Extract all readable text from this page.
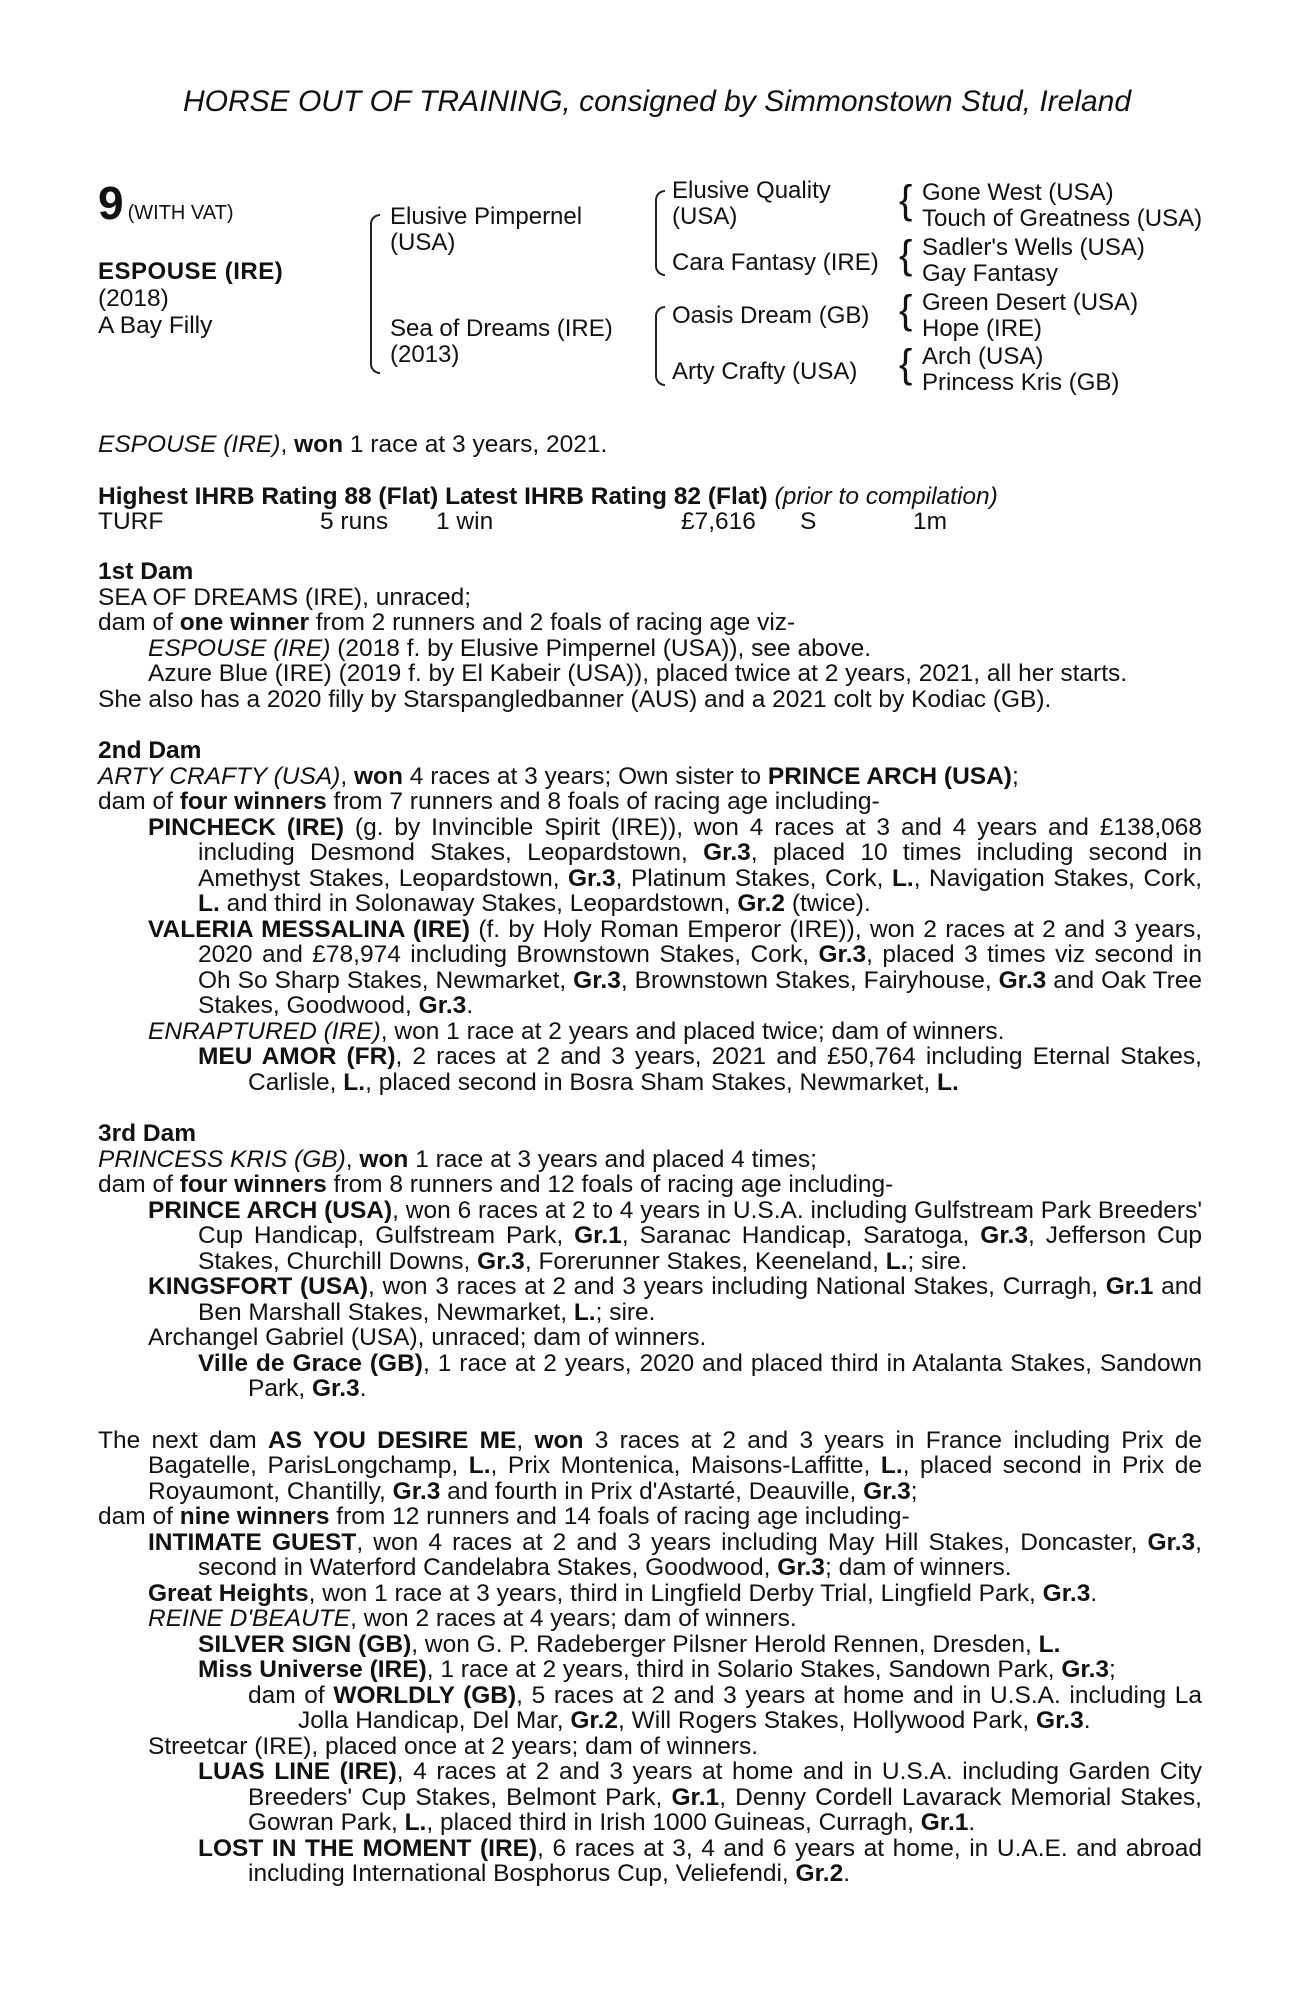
HORSE OUT OF TRAINING, consigned by Simmonstown Stud, Ireland
9 (WITH VAT)
ESPOUSE (IRE)
(2018)
A Bay Filly
Elusive Pimpernel (USA)
Sea of Dreams (IRE) (2013)
Elusive Quality (USA)
Cara Fantasy (IRE)
Oasis Dream (GB)
Arty Crafty (USA)
{ Gone West (USA)
Touch of Greatness (USA)
{ Sadler's Wells (USA)
Gay Fantasy
{ Green Desert (USA)
Hope (IRE)
{ Arch (USA)
Princess Kris (GB)

ESPOUSE (IRE), won 1 race at 3 years, 2021.

Highest IHRB Rating 88 (Flat) Latest IHRB Rating 82 (Flat) (prior to compilation)

TURF	5 runs 1 win	£7,616 S	1m

1st Dam

SEA OF DREAMS (IRE), unraced;

dam of one winner from 2 runners and 2 foals of racing age viz-

ESPOUSE (IRE) (2018 f. by Elusive Pimpernel (USA)), see above.

Azure Blue (IRE) (2019 f. by El Kabeir (USA)), placed twice at 2 years, 2021, all her starts.

She also has a 2020 filly by Starspangledbanner (AUS) and a 2021 colt by Kodiac (GB).

2nd Dam

ARTY CRAFTY (USA), won 4 races at 3 years; Own sister to PRINCE ARCH (USA);

dam of four winners from 7 runners and 8 foals of racing age including-

PINCHECK (IRE) (g. by Invincible Spirit (IRE)), won 4 races at 3 and 4 years and £138,068 including Desmond Stakes, Leopardstown, Gr.3, placed 10 times including second in Amethyst Stakes, Leopardstown, Gr.3, Platinum Stakes, Cork, L., Navigation Stakes, Cork, L. and third in Solonaway Stakes, Leopardstown, Gr.2 (twice).

VALERIA MESSALINA (IRE) (f. by Holy Roman Emperor (IRE)), won 2 races at 2 and 3 years, 2020 and £78,974 including Brownstown Stakes, Cork, Gr.3, placed 3 times viz second in Oh So Sharp Stakes, Newmarket, Gr.3, Brownstown Stakes, Fairyhouse, Gr.3 and Oak Tree Stakes, Goodwood, Gr.3.

ENRAPTURED (IRE), won 1 race at 2 years and placed twice; dam of winners.

MEU AMOR (FR), 2 races at 2 and 3 years, 2021 and £50,764 including Eternal Stakes, Carlisle, L., placed second in Bosra Sham Stakes, Newmarket, L.

3rd Dam

PRINCESS KRIS (GB), won 1 race at 3 years and placed 4 times;

dam of four winners from 8 runners and 12 foals of racing age including-

PRINCE ARCH (USA), won 6 races at 2 to 4 years in U.S.A. including Gulfstream Park Breeders' Cup Handicap, Gulfstream Park, Gr.1, Saranac Handicap, Saratoga, Gr.3, Jefferson Cup Stakes, Churchill Downs, Gr.3, Forerunner Stakes, Keeneland, L.; sire.

KINGSFORT (USA), won 3 races at 2 and 3 years including National Stakes, Curragh, Gr.1 and Ben Marshall Stakes, Newmarket, L.; sire.

Archangel Gabriel (USA), unraced; dam of winners.

Ville de Grace (GB), 1 race at 2 years, 2020 and placed third in Atalanta Stakes, Sandown Park, Gr.3.

The next dam AS YOU DESIRE ME, won 3 races at 2 and 3 years in France including Prix de Bagatelle, ParisLongchamp, L., Prix Montenica, Maisons-Laffitte, L., placed second in Prix de Royaumont, Chantilly, Gr.3 and fourth in Prix d'Astarté, Deauville, Gr.3;

dam of nine winners from 12 runners and 14 foals of racing age including-

INTIMATE GUEST, won 4 races at 2 and 3 years including May Hill Stakes, Doncaster, Gr.3, second in Waterford Candelabra Stakes, Goodwood, Gr.3; dam of winners.

Great Heights, won 1 race at 3 years, third in Lingfield Derby Trial, Lingfield Park, Gr.3.

REINE D'BEAUTE, won 2 races at 4 years; dam of winners.

SILVER SIGN (GB), won G. P. Radeberger Pilsner Herold Rennen, Dresden, L.

Miss Universe (IRE), 1 race at 2 years, third in Solario Stakes, Sandown Park, Gr.3;

dam of WORLDLY (GB), 5 races at 2 and 3 years at home and in U.S.A. including La Jolla Handicap, Del Mar, Gr.2, Will Rogers Stakes, Hollywood Park, Gr.3.

Streetcar (IRE), placed once at 2 years; dam of winners.

LUAS LINE (IRE), 4 races at 2 and 3 years at home and in U.S.A. including Garden City Breeders' Cup Stakes, Belmont Park, Gr.1, Denny Cordell Lavarack Memorial Stakes, Gowran Park, L., placed third in Irish 1000 Guineas, Curragh, Gr.1.

LOST IN THE MOMENT (IRE), 6 races at 3, 4 and 6 years at home, in U.A.E. and abroad including International Bosphorus Cup, Veliefendi, Gr.2.
